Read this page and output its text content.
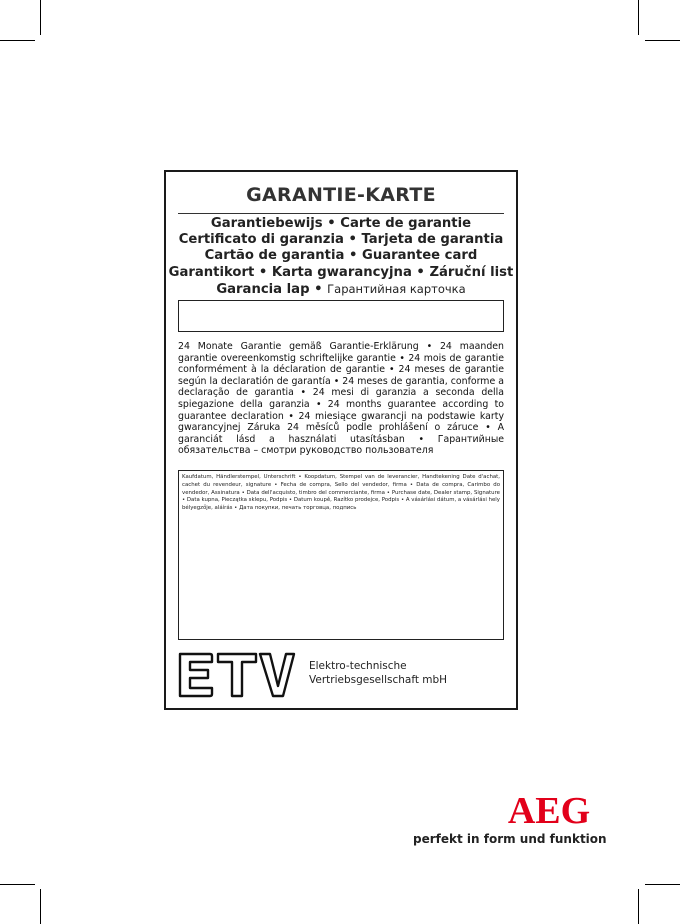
GARANTIE-KARTE
Garantiebewijs • Carte de garantie
Certificato di garanzia • Tarjeta de garantia
Cartão de garantia • Guarantee card
Garantikort • Karta gwarancyjna • Záruční list
Garancia lap • Гарантийная карточка
24 Monate Garantie gemäß Garantie-Erklärung • 24 maanden garantie overeenkomstig schriftelijke garantie • 24 mois de garantie conformément à la déclaration de garantie • 24 meses de garantie según la declaratión de garantía • 24 meses de garantia, conforme a declaração de garantia • 24 mesi di garanzia a seconda della spiegazione della garanzia • 24 months guarantee according to guarantee declaration • 24 miesiące gwarancji na podstawie karty gwarancyjnej Záruka 24 měsíců podle prohlášení o záruce • A garanciát lásd a használati utasításban • Гарантийные обязательства – смотри руководство пользователя
Kaufdatum, Händlerstempel, Unterschrift • Koopdatum, Stempel van de leverancier, Handtekening Date d'achat, cachet du revendeur, signature • Fecha de compra, Sello del vendedor, firma • Data de compra, Carimbo do vendedor, Assinatura • Data dell'acquisto, timbro del commerciante, firma • Purchase date, Dealer stamp, Signature • Data kupna, Pieczątka sklepu, Podpis • Datum koupě, Razítko prodejce, Podpis • A vásárlási dátum, a vásárlási hely bélyegzője, aláírás • Дата покупки, печать торговца, подпись
Elektro-technische
Vertriebsgesellschaft mbH
AEG
perfekt in form und funktion
